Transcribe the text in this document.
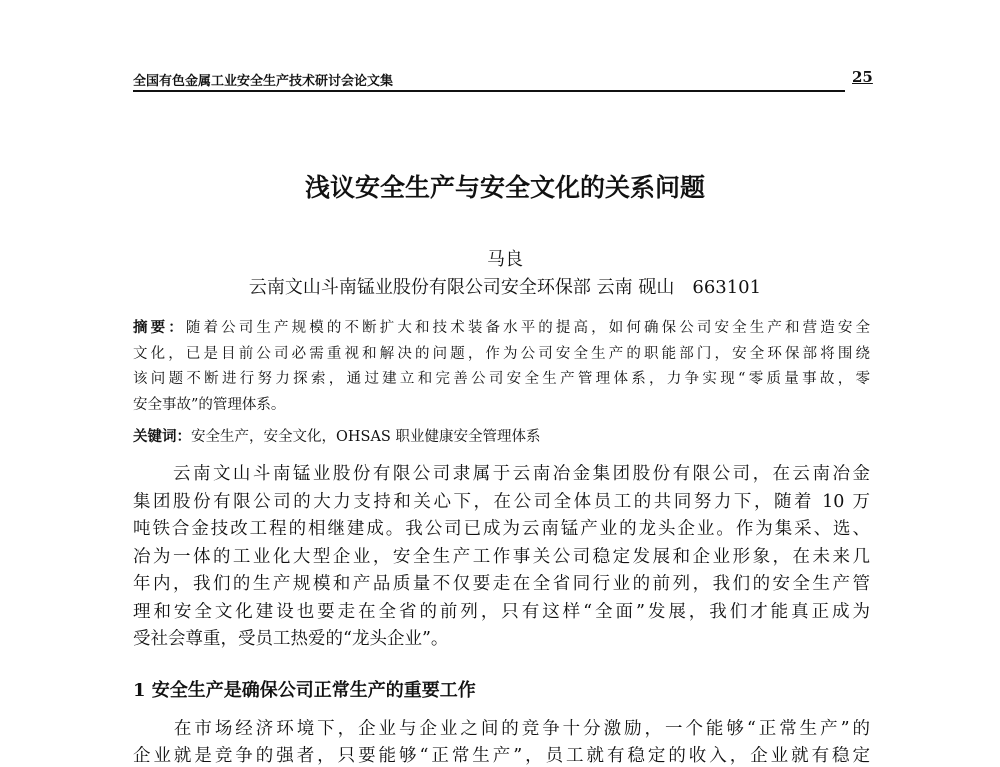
全国有色金属工业安全生产技术研讨会论文集	25
浅议安全生产与安全文化的关系问题
马良
云南文山斗南锰业股份有限公司安全环保部 云南 砚山　663101
摘要：随着公司生产规模的不断扩大和技术装备水平的提高，如何确保公司安全生产和营造安全
文化，已是目前公司必需重视和解决的问题，作为公司安全生产的职能部门，安全环保部将围绕
该问题不断进行努力探索，通过建立和完善公司安全生产管理体系，力争实现“零质量事故，零
安全事故”的管理体系。
关键词：安全生产，安全文化，OHSAS 职业健康安全管理体系
　　云南文山斗南锰业股份有限公司隶属于云南冶金集团股份有限公司，在云南冶金
集团股份有限公司的大力支持和关心下，在公司全体员工的共同努力下，随着 10 万
吨铁合金技改工程的相继建成。我公司已成为云南锰产业的龙头企业。作为集采、选、
冶为一体的工业化大型企业，安全生产工作事关公司稳定发展和企业形象，在未来几
年内，我们的生产规模和产品质量不仅要走在全省同行业的前列，我们的安全生产管
理和安全文化建设也要走在全省的前列，只有这样“全面”发展，我们才能真正成为
受社会尊重，受员工热爱的“龙头企业”。
1 安全生产是确保公司正常生产的重要工作
　　在市场经济环境下，企业与企业之间的竞争十分激励，一个能够“正常生产”的
企业就是竞争的强者，只要能够“正常生产”，员工就有稳定的收入，企业就有稳定
